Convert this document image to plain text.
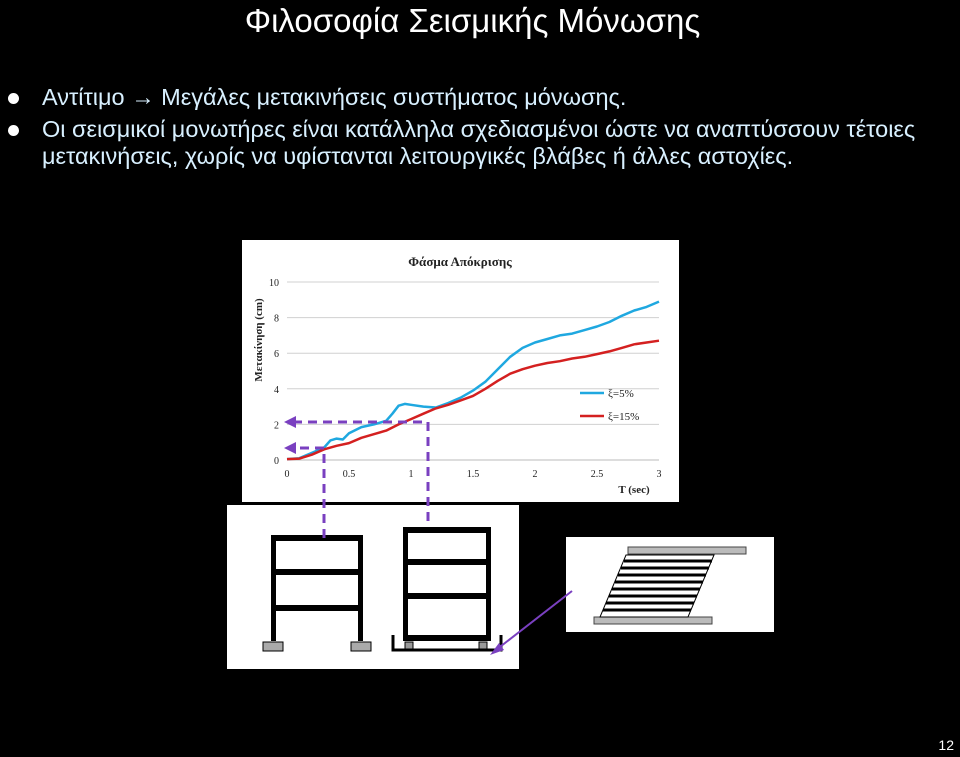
Φιλοσοφία Σεισμικής Μόνωσης
Αντίτιμο → Μεγάλες μετακινήσεις συστήματος μόνωσης.
Οι σεισμικοί μονωτήρες είναι κατάλληλα σχεδιασμένοι ώστε να αναπτύσσουν τέτοιες μετακινήσεις, χωρίς να υφίστανται λειτουργικές βλάβες ή άλλες αστοχίες.
Φάσμα Απόκρισης
Μετακίνηση (cm)
T (sec)
0
2
4
6
8
10
0	0.5	1	1.5	2	2.5	3
ξ=5%
ξ=15%
12
